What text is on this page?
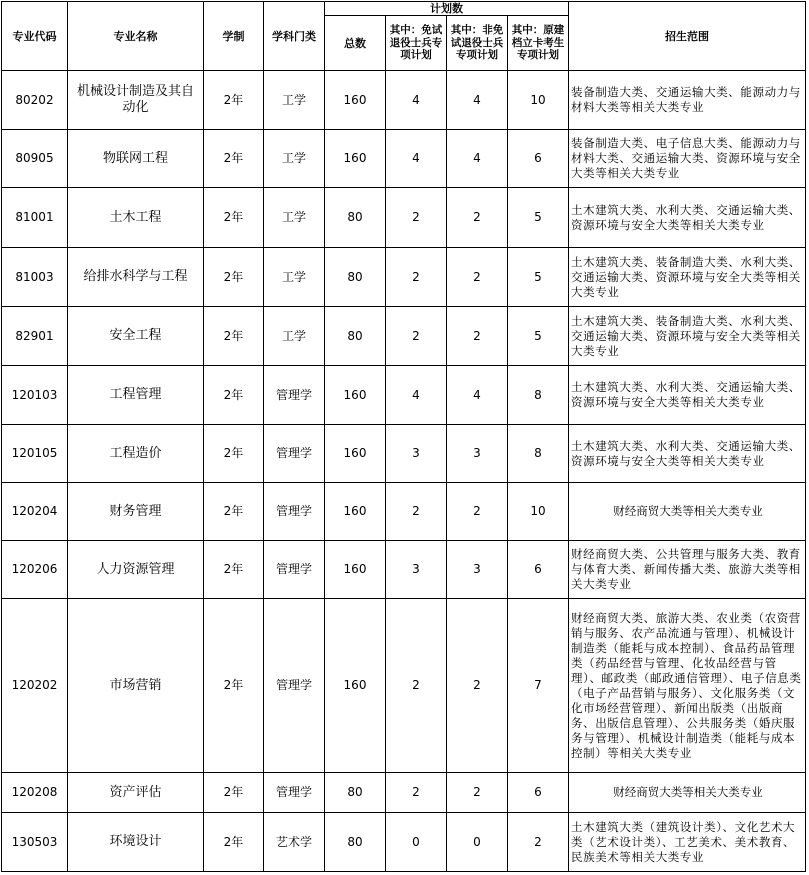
专业代码	专业名称	学制	学科门类	计划数				招生范围
				总数	其中：免试退役士兵专项计划	其中：非免试退役士兵专项计划	其中：原建档立卡考生专项计划	
80202	机械设计制造及其自动化	2年	工学	160	4	4	10	装备制造大类、交通运输大类、能源动力与材料大类等相关大类专业
80905	物联网工程	2年	工学	160	4	4	6	装备制造大类、电子信息大类、能源动力与材料大类、交通运输大类、资源环境与安全大类等相关大类专业
81001	土木工程	2年	工学	80	2	2	5	土木建筑大类、水利大类、交通运输大类、资源环境与安全大类等相关大类专业
81003	给排水科学与工程	2年	工学	80	2	2	5	土木建筑大类、装备制造大类、水利大类、交通运输大类、资源环境与安全大类等相关大类专业
82901	安全工程	2年	工学	80	2	2	5	土木建筑大类、装备制造大类、水利大类、交通运输大类、资源环境与安全大类等相关大类专业
120103	工程管理	2年	管理学	160	4	4	8	土木建筑大类、水利大类、交通运输大类、资源环境与安全大类等相关大类专业
120105	工程造价	2年	管理学	160	3	3	8	土木建筑大类、水利大类、交通运输大类、资源环境与安全大类等相关大类专业
120204	财务管理	2年	管理学	160	2	2	10	财经商贸大类等相关大类专业
120206	人力资源管理	2年	管理学	160	3	3	6	财经商贸大类、公共管理与服务大类、教育与体育大类、新闻传播大类、旅游大类等相关大类专业
120202	市场营销	2年	管理学	160	2	2	7	财经商贸大类、旅游大类、农业类（农资营销与服务、农产品流通与管理）、机械设计制造类（能耗与成本控制）、食品药品管理类（药品经营与管理、化妆品经营与管理）、邮政类（邮政通信管理）、电子信息类（电子产品营销与服务）、文化服务类（文化市场经营管理）、新闻出版类（出版商务、出版信息管理）、公共服务类（婚庆服务与管理）、机械设计制造类（能耗与成本控制）等相关大类专业
120208	资产评估	2年	管理学	80	2	2	6	财经商贸大类等相关大类专业
130503	环境设计	2年	艺术学	80	0	0	2	土木建筑大类（建筑设计类）、文化艺术大类（艺术设计类）、工艺美术、美术教育、民族美术等相关大类专业
